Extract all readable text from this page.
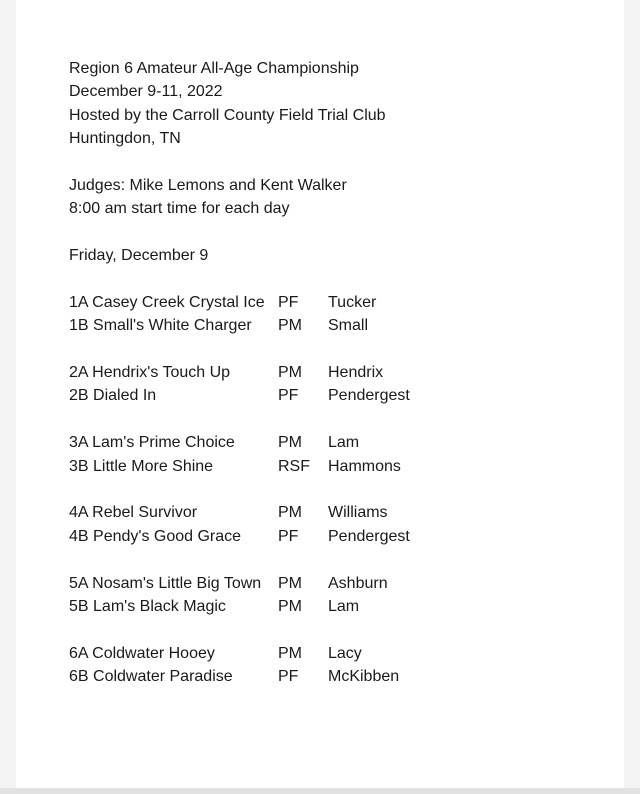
Region 6 Amateur All-Age Championship
December 9-11, 2022
Hosted by the Carroll County Field Trial Club
Huntingdon, TN
Judges: Mike Lemons and Kent Walker
8:00 am start time for each day
Friday, December 9
1A Casey Creek Crystal Ice PF	Tucker
1B Small's White Charger	PM	Small
2A Hendrix's Touch Up	PM	Hendrix
2B Dialed In	PF	Pendergest
3A Lam's Prime Choice	PM	Lam
3B Little More Shine	RSF	Hammons
4A Rebel Survivor	PM	Williams
4B Pendy's Good Grace	PF	Pendergest
5A Nosam's Little Big Town	PM	Ashburn
5B Lam's Black Magic	PM	Lam
6A Coldwater Hooey	PM	Lacy
6B Coldwater Paradise	PF	McKibben
